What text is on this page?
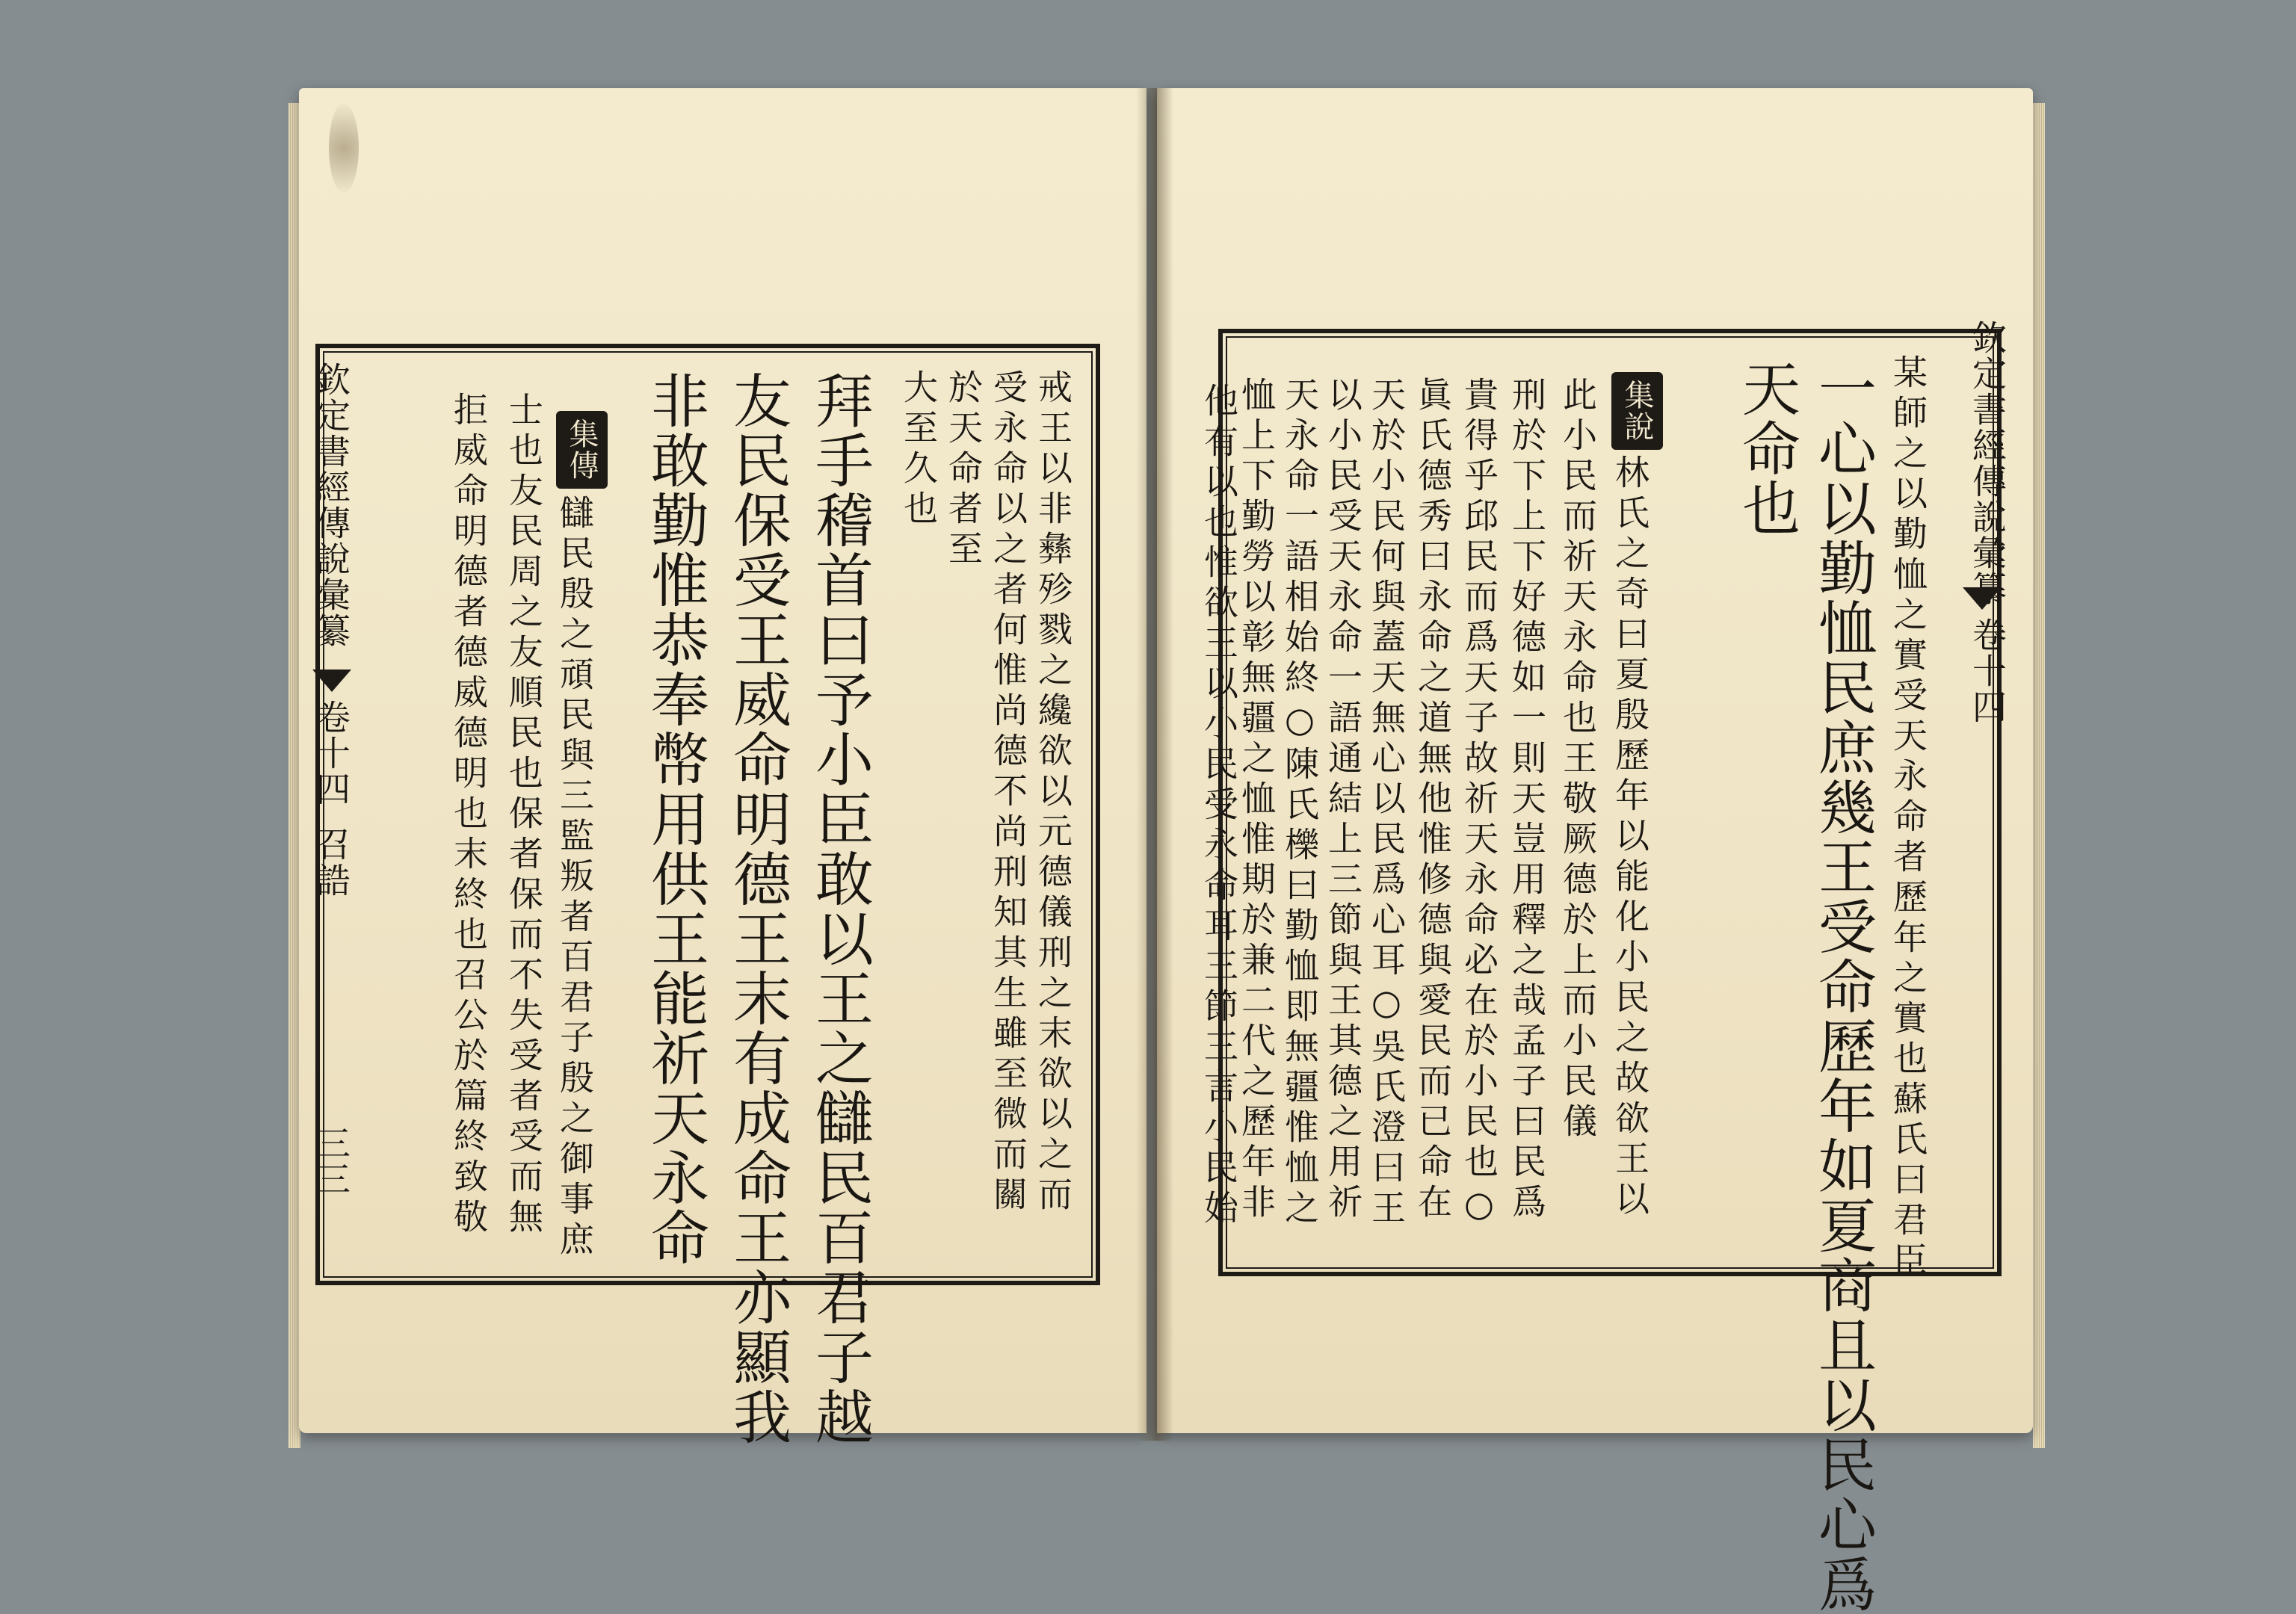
欽定書經傳說彙纂
卷十四
召誥
三三	戒王以非彝殄戮之纔欲以元德儀刑之末欲以之而
受永命以之者何惟尚德不尚刑知其生雖至微而關
於天命者至
大至久也
拜手稽首曰予小臣敢以王之讎民百君子越
友民保受王威命明德王末有成命王亦顯我
非敢勤惟恭奉幣用供王能祈天永命
集傳
讎民殷之頑民與三監叛者百君子殷之御事庶
士也友民周之友順民也保者保而不失受者受而無
拒威命明德者德威德明也末終也召公於篇終致敬	欽定書經傳說彙纂
卷十四
某師之以勤恤之實受天永命者歷年之實也蘇氏曰君臣
一心以勤恤民庶幾王受命歷年如夏商且以民心爲
天命也
集說
林氏之奇曰夏殷歷年以能化小民之故欲王以
此小民而祈天永命也王敬厥德於上而小民儀
刑於下上下好德如一則天豈用釋之哉孟子曰民爲
貴得乎邱民而爲天子故祈天永命必在於小民也○
眞氏德秀曰永命之道無他惟修德與愛民而已命在
天於小民何與蓋天無心以民爲心耳○吳氏澄曰王
以小民受天永命一語通結上三節與王其德之用祈
天永命一語相始終○陳氏櫟曰勤恤即無疆惟恤之
恤上下勤勞以彰無疆之恤惟期於兼二代之歷年非
他有以也惟欲王以小民受永命耳三節三言小民始
